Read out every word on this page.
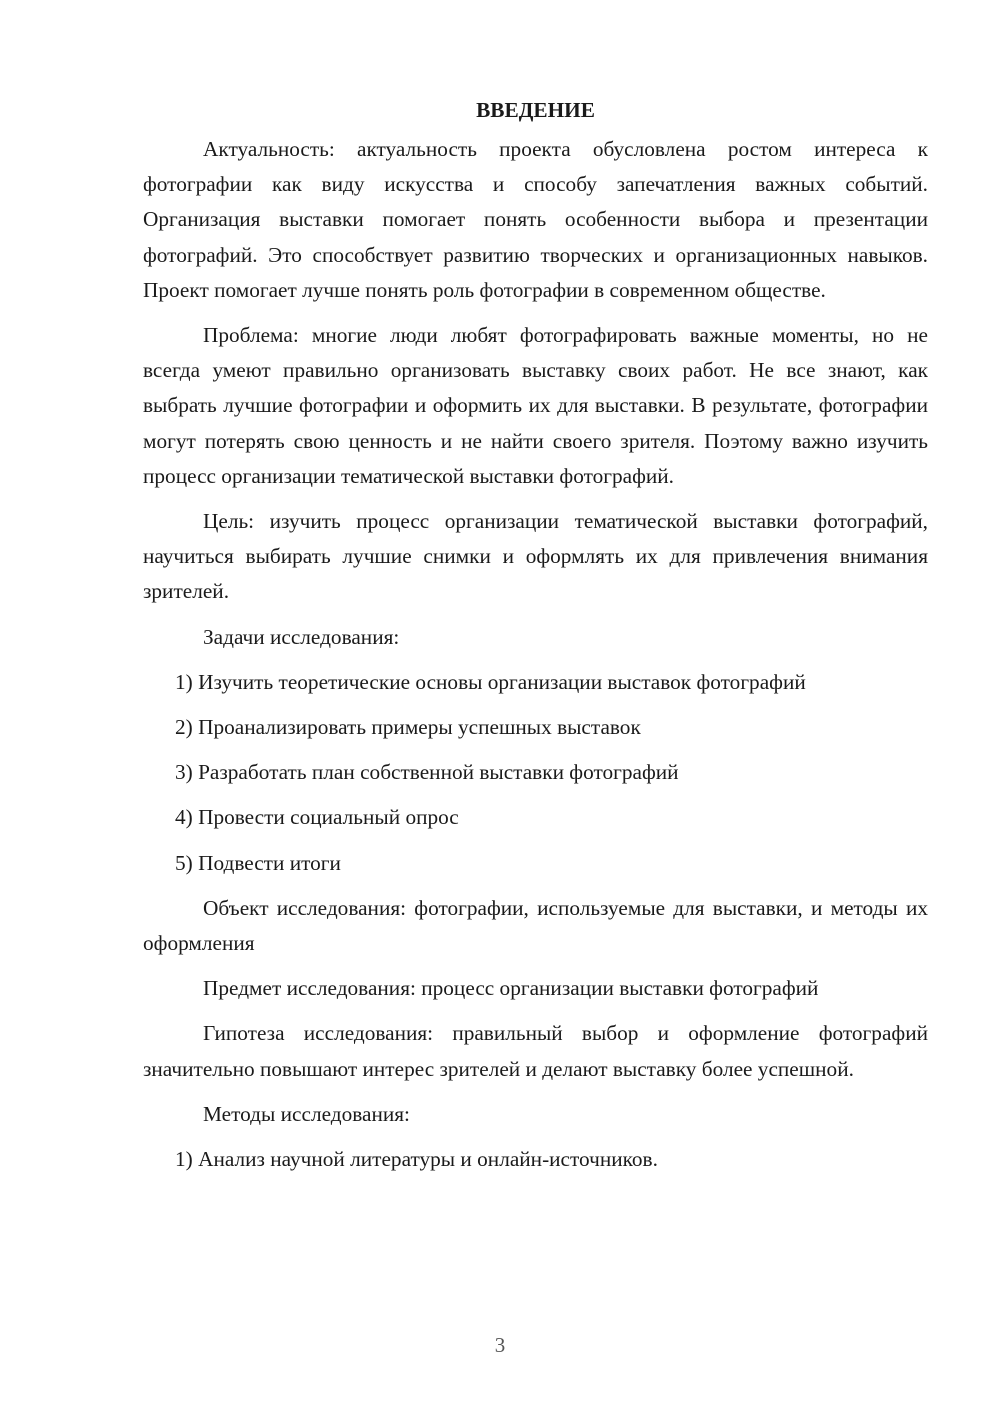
ВВЕДЕНИЕ

Актуальность: актуальность проекта обусловлена ростом интереса к фотографии как виду искусства и способу запечатления важных событий. Организация выставки помогает понять особенности выбора и презентации фотографий. Это способствует развитию творческих и организационных навыков. Проект помогает лучше понять роль фотографии в современном обществе.

Проблема: многие люди любят фотографировать важные моменты, но не всегда умеют правильно организовать выставку своих работ. Не все знают, как выбрать лучшие фотографии и оформить их для выставки. В результате, фотографии могут потерять свою ценность и не найти своего зрителя. Поэтому важно изучить процесс организации тематической выставки фотографий.

Цель: изучить процесс организации тематической выставки фотографий, научиться выбирать лучшие снимки и оформлять их для привлечения внимания зрителей.

Задачи исследования:

1) Изучить теоретические основы организации выставок фотографий

2) Проанализировать примеры успешных выставок

3) Разработать план собственной выставки фотографий

4) Провести социальный опрос

5) Подвести итоги

Объект исследования: фотографии, используемые для выставки, и методы их оформления

Предмет исследования: процесс организации выставки фотографий

Гипотеза исследования: правильный выбор и оформление фотографий значительно повышают интерес зрителей и делают выставку более успешной.

Методы исследования:

1) Анализ научной литературы и онлайн-источников.

3
